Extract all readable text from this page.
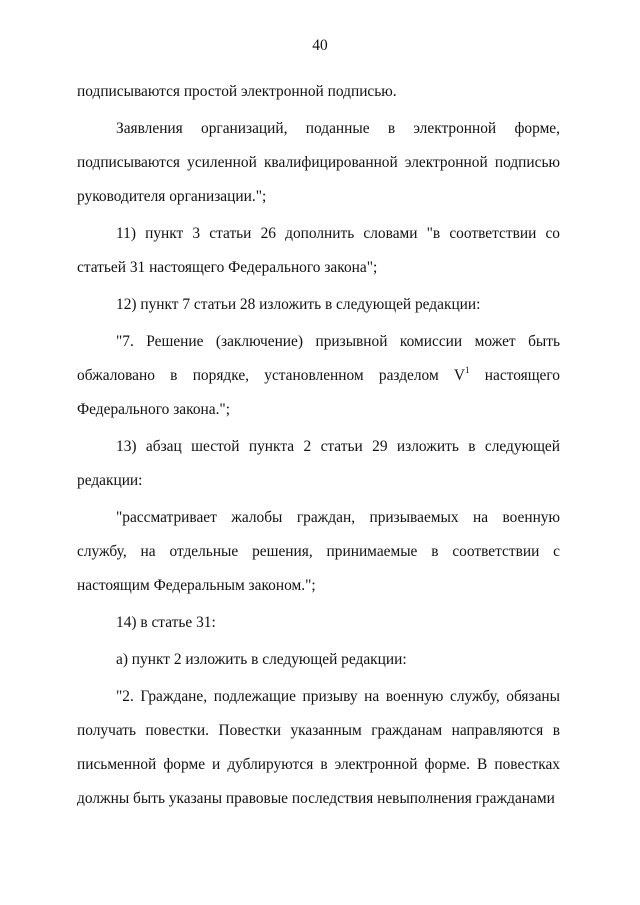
40

подписываются простой электронной подписью.

Заявления организаций, поданные в электронной форме, подписываются усиленной квалифицированной электронной подписью руководителя организации.";

11) пункт 3 статьи 26 дополнить словами "в соответствии со статьей 31 настоящего Федерального закона";

12) пункт 7 статьи 28 изложить в следующей редакции:

"7. Решение (заключение) призывной комиссии может быть обжаловано в порядке, установленном разделом $V^1$ настоящего Федерального закона.";

13) абзац шестой пункта 2 статьи 29 изложить в следующей редакции:

"рассматривает жалобы граждан, призываемых на военную службу, на отдельные решения, принимаемые в соответствии с настоящим Федеральным законом.";

14) в статье 31:

а) пункт 2 изложить в следующей редакции:

"2. Граждане, подлежащие призыву на военную службу, обязаны получать повестки. Повестки указанным гражданам направляются в письменной форме и дублируются в электронной форме. В повестках должны быть указаны правовые последствия невыполнения гражданами
